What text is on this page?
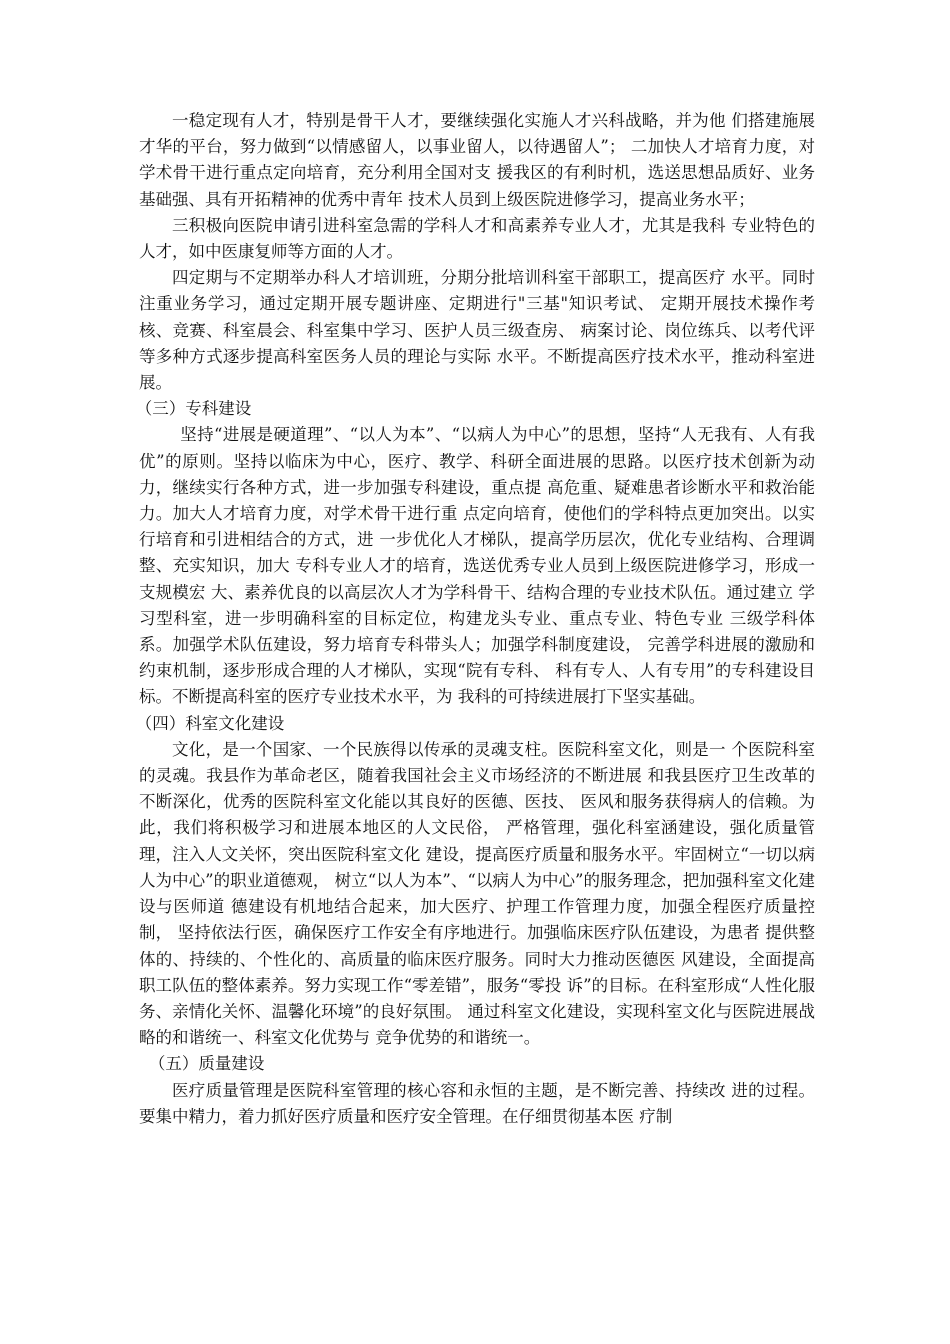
一稳定现有人才，特别是骨干人才，要继续强化实施人才兴科战略，并为他 们搭建施展才华的平台，努力做到“以情感留人，以事业留人，以待遇留人”； 二加快人才培育力度，对学术骨干进行重点定向培育，充分利用全国对支 援我区的有利时机，选送思想品质好、业务基础强、具有开拓精神的优秀中青年 技术人员到上级医院进修学习，提高业务水平；

三积极向医院申请引进科室急需的学科人才和高素养专业人才，尤其是我科 专业特色的人才，如中医康复师等方面的人才。

四定期与不定期举办科人才培训班，分期分批培训科室干部职工，提高医疗 水平。同时注重业务学习，通过定期开展专题讲座、定期进行"三基"知识考试、 定期开展技术操作考核、竞赛、科室晨会、科室集中学习、医护人员三级查房、 病案讨论、岗位练兵、以考代评等多种方式逐步提高科室医务人员的理论与实际 水平。不断提高医疗技术水平，推动科室进展。

（三）专科建设

坚持“进展是硬道理”、“以人为本”、“以病人为中心”的思想，坚持“人无我有、人有我优”的原则。坚持以临床为中心，医疗、教学、科研全面进展的思路。以医疗技术创新为动力，继续实行各种方式，进一步加强专科建设，重点提 高危重、疑难患者诊断水平和救治能力。加大人才培育力度，对学术骨干进行重 点定向培育，使他们的学科特点更加突出。以实行培育和引进相结合的方式，进 一步优化人才梯队，提高学历层次，优化专业结构、合理调整、充实知识，加大 专科专业人才的培育，选送优秀专业人员到上级医院进修学习，形成一支规模宏 大、素养优良的以高层次人才为学科骨干、结构合理的专业技术队伍。通过建立 学习型科室，进一步明确科室的目标定位，构建龙头专业、重点专业、特色专业 三级学科体系。加强学术队伍建设，努力培育专科带头人；加强学科制度建设， 完善学科进展的激励和约束机制，逐步形成合理的人才梯队，实现“院有专科、 科有专人、人有专用”的专科建设目标。不断提高科室的医疗专业技术水平，为 我科的可持续进展打下坚实基础。

（四）科室文化建设

文化，是一个国家、一个民族得以传承的灵魂支柱。医院科室文化，则是一 个医院科室的灵魂。我县作为革命老区，随着我国社会主义市场经济的不断进展 和我县医疗卫生改革的不断深化，优秀的医院科室文化能以其良好的医德、医技、 医风和服务获得病人的信赖。为此，我们将积极学习和进展本地区的人文民俗， 严格管理，强化科室涵建设，强化质量管理，注入人文关怀，突出医院科室文化 建设，提高医疗质量和服务水平。牢固树立“一切以病人为中心”的职业道德观， 树立“以人为本”、“以病人为中心”的服务理念，把加强科室文化建设与医师道 德建设有机地结合起来，加大医疗、护理工作管理力度，加强全程医疗质量控制， 坚持依法行医，确保医疗工作安全有序地进行。加强临床医疗队伍建设，为患者 提供整体的、持续的、个性化的、高质量的临床医疗服务。同时大力推动医德医 风建设，全面提高职工队伍的整体素养。努力实现工作“零差错”，服务“零投 诉”的目标。在科室形成“人性化服务、亲情化关怀、温馨化环境”的良好氛围。 通过科室文化建设，实现科室文化与医院进展战略的和谐统一、科室文化优势与 竞争优势的和谐统一。

（五）质量建设

医疗质量管理是医院科室管理的核心容和永恒的主题，是不断完善、持续改 进的过程。要集中精力，着力抓好医疗质量和医疗安全管理。在仔细贯彻基本医 疗制
